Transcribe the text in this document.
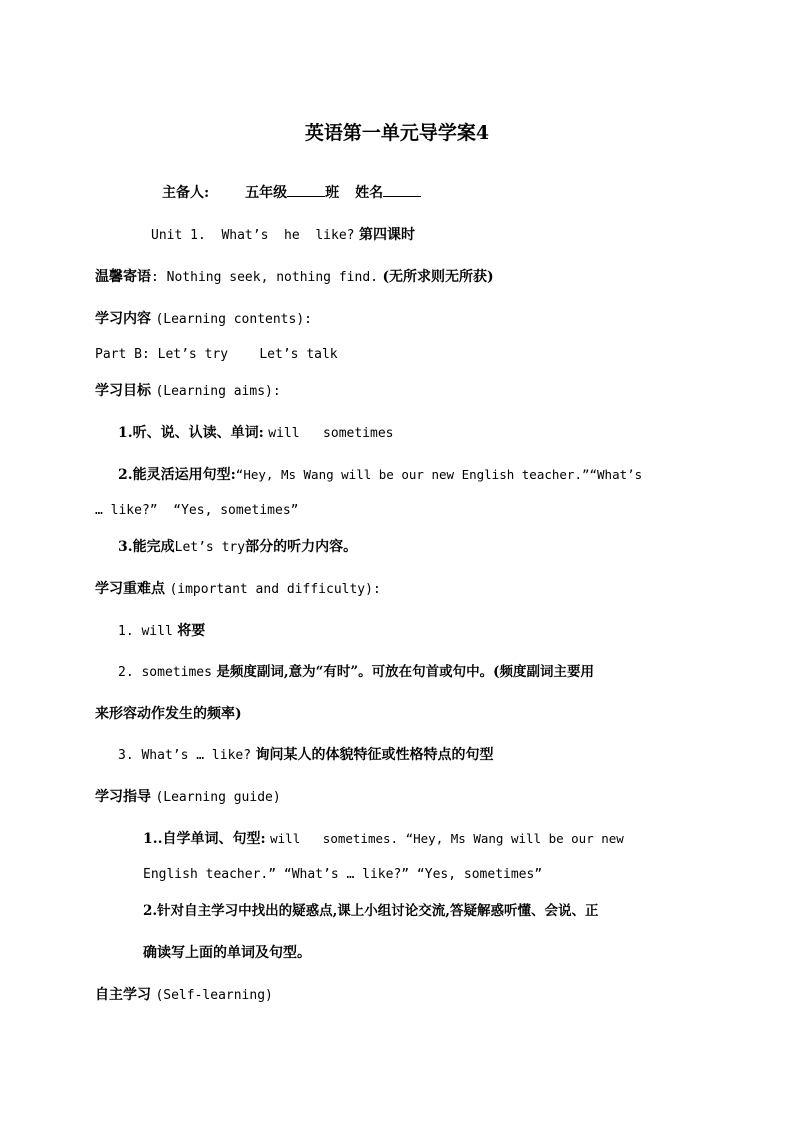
英语第一单元导学案4
主备人:	五年级	班 姓名
Unit 1.  What’s  he  like? 第四课时
温馨寄语: Nothing seek, nothing find. (无所求则无所获)
学习内容 (Learning contents):
Part B: Let’s try    Let’s talk
学习目标 (Learning aims):
1.听、说、认读、单词: will   sometimes
2.能灵活运用句型:“Hey, Ms Wang will be our new English teacher.”“What’s
… like?”  “Yes, sometimes”
3.能完成Let’s try部分的听力内容。
学习重难点 (important and difficulty):
1. will 将要
2. sometimes 是频度副词,意为“有时”。可放在句首或句中。(频度副词主要用
来形容动作发生的频率)
3. What’s … like? 询问某人的体貌特征或性格特点的句型
学习指导 (Learning guide)
1..自学单词、句型: will   sometimes. “Hey, Ms Wang will be our new
English teacher.” “What’s … like?” “Yes, sometimes”
2.针对自主学习中找出的疑惑点,课上小组讨论交流,答疑解惑听懂、会说、正
确读写上面的单词及句型。
自主学习 (Self-learning)
